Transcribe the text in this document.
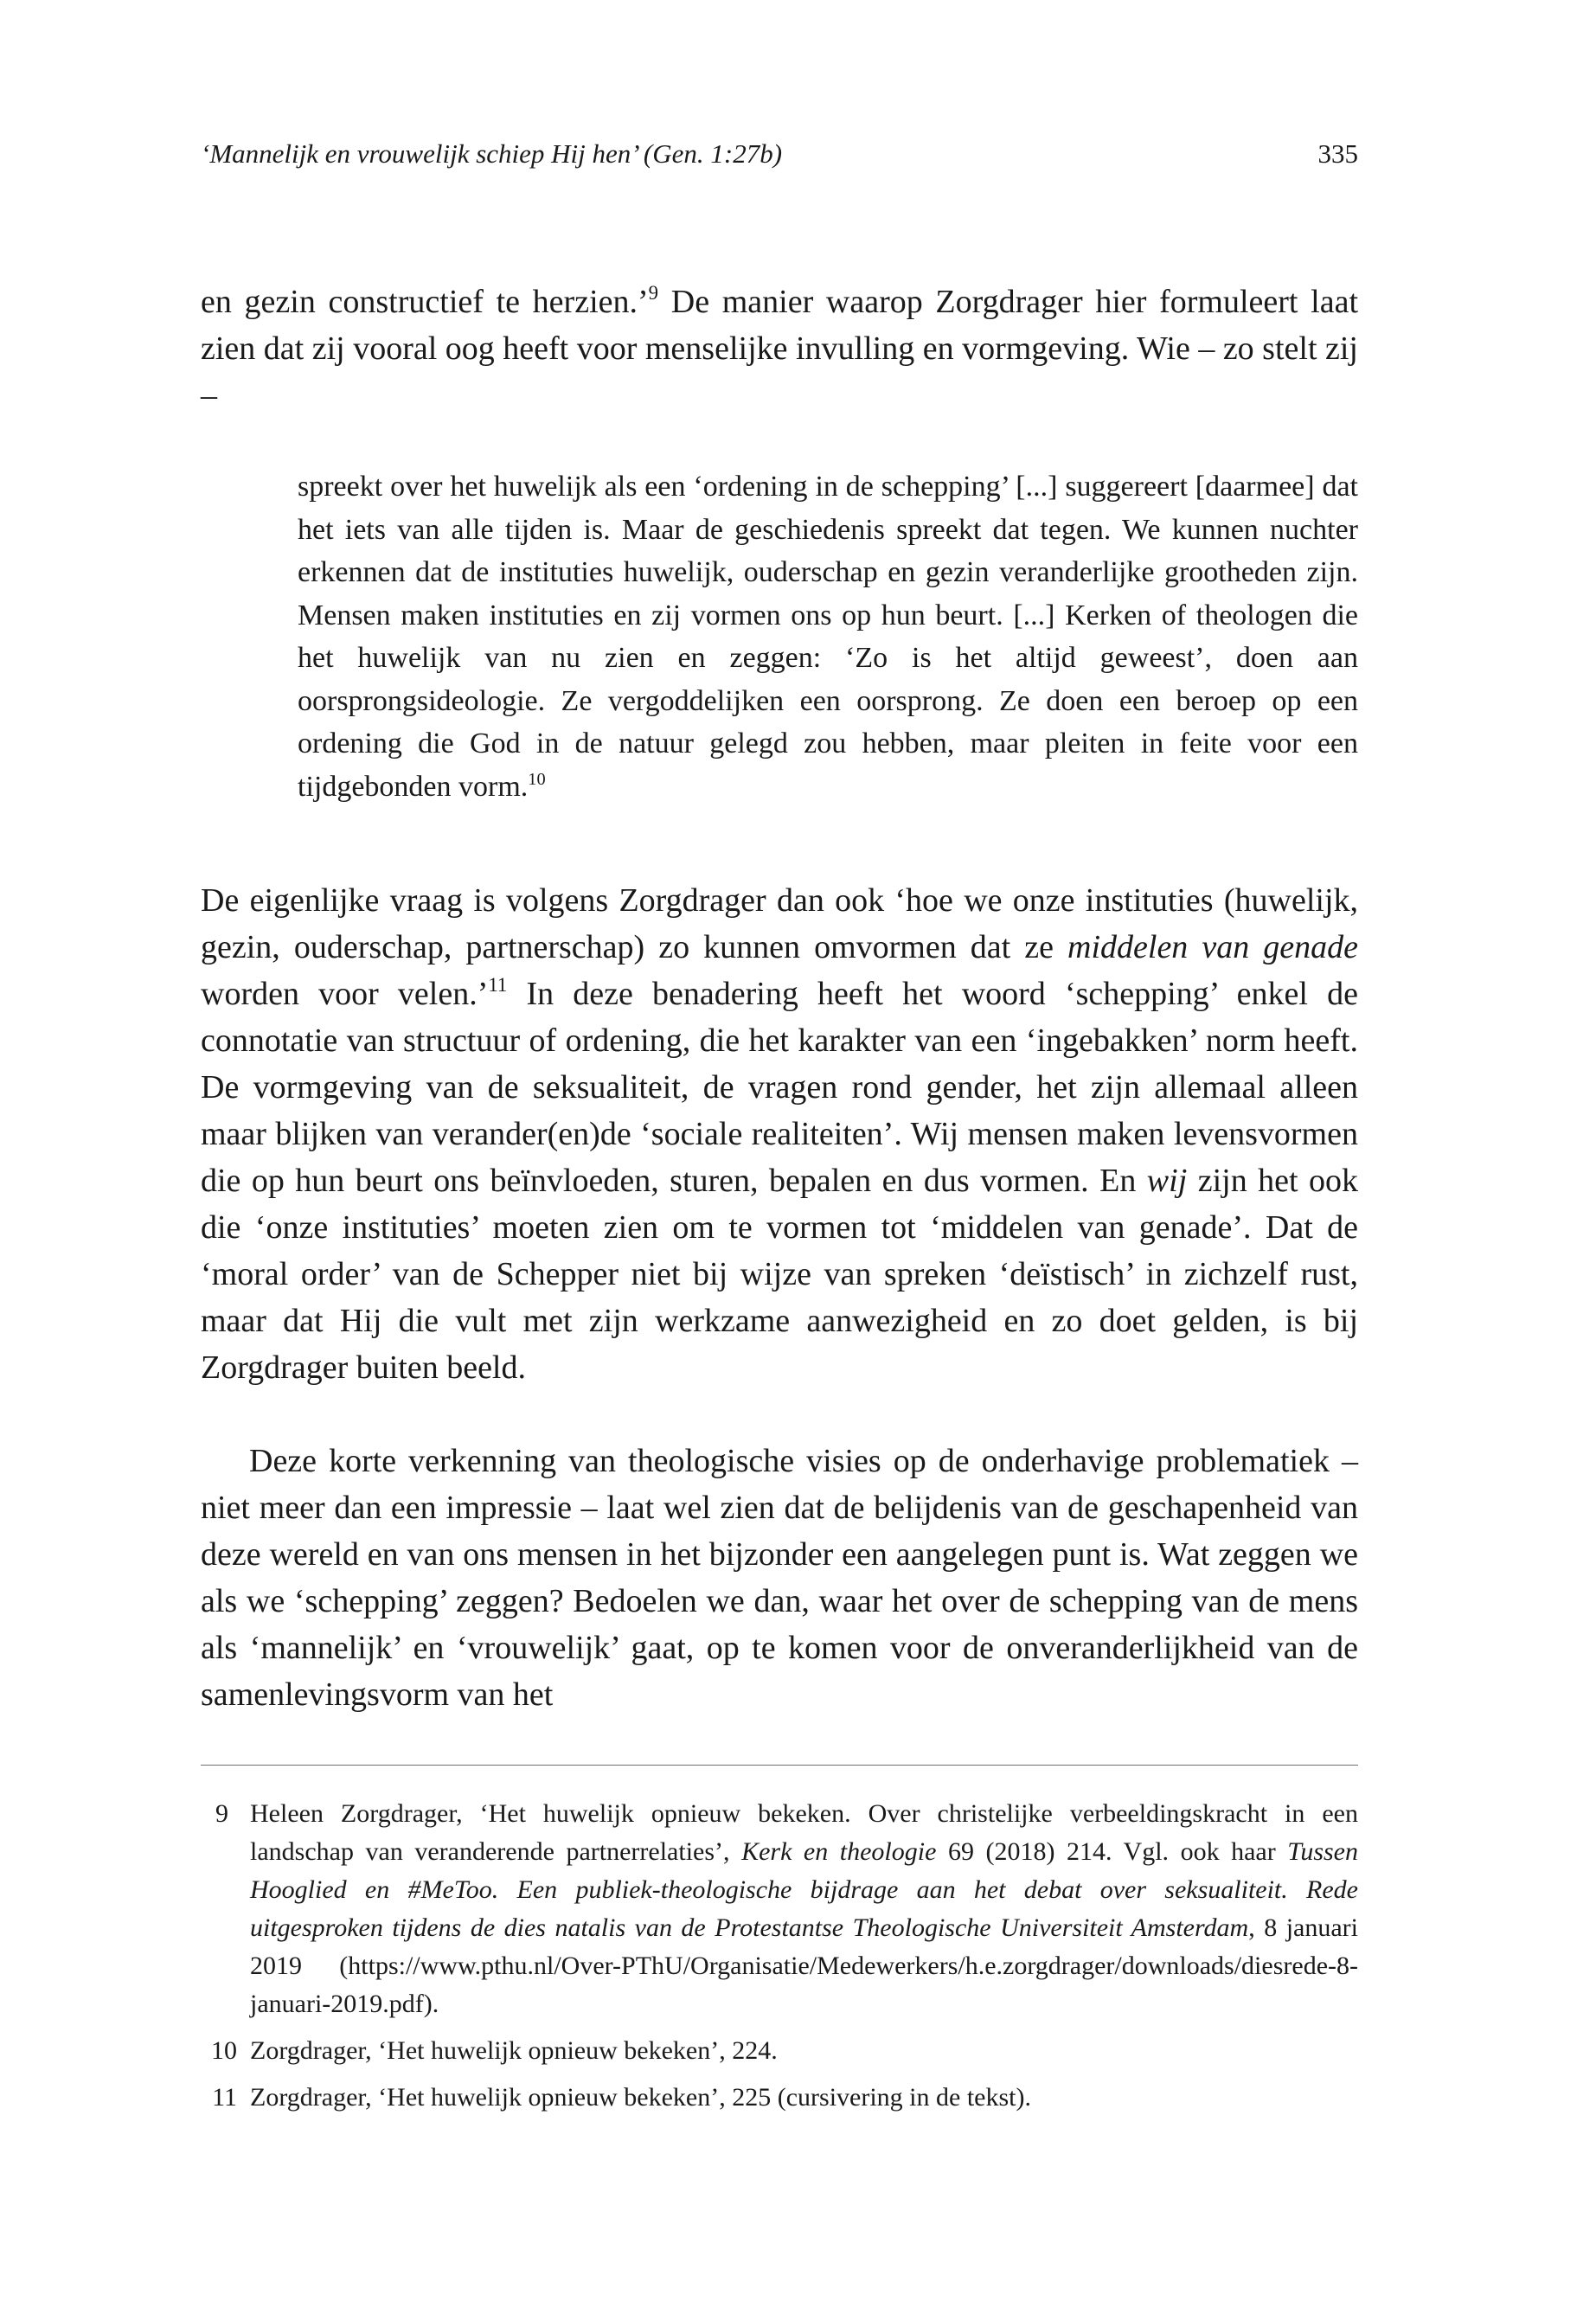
‘Mannelijk en vrouwelijk schiep Hij hen’ (Gen. 1:27b)	335

en gezin constructief te herzien.’$^9$ De manier waarop Zorgdrager hier formuleert laat zien dat zij vooral oog heeft voor menselijke invulling en vormgeving. Wie – zo stelt zij –

spreekt over het huwelijk als een ‘ordening in de schepping’ [...] suggereert [daarmee] dat het iets van alle tijden is. Maar de geschiedenis spreekt dat tegen. We kunnen nuchter erkennen dat de instituties huwelijk, ouderschap en gezin veranderlijke grootheden zijn. Mensen maken instituties en zij vormen ons op hun beurt. [...] Kerken of theologen die het huwelijk van nu zien en zeggen: ‘Zo is het altijd geweest’, doen aan oorsprongsideologie. Ze vergoddelijken een oorsprong. Ze doen een beroep op een ordening die God in de natuur gelegd zou hebben, maar pleiten in feite voor een tijdgebonden vorm.$^{10}$

De eigenlijke vraag is volgens Zorgdrager dan ook ‘hoe we onze instituties (huwelijk, gezin, ouderschap, partnerschap) zo kunnen omvormen dat ze middelen van genade worden voor velen.’$^{11}$ In deze benadering heeft het woord ‘schepping’ enkel de connotatie van structuur of ordening, die het karakter van een ‘ingebakken’ norm heeft. De vormgeving van de seksualiteit, de vragen rond gender, het zijn allemaal alleen maar blijken van verander(en)de ‘sociale realiteiten’. Wij mensen maken levensvormen die op hun beurt ons beïnvloeden, sturen, bepalen en dus vormen. En wij zijn het ook die ‘onze instituties’ moeten zien om te vormen tot ‘middelen van genade’. Dat de ‘moral order’ van de Schepper niet bij wijze van spreken ‘deïstisch’ in zichzelf rust, maar dat Hij die vult met zijn werkzame aanwezigheid en zo doet gelden, is bij Zorgdrager buiten beeld.

Deze korte verkenning van theologische visies op de onderhavige problematiek – niet meer dan een impressie – laat wel zien dat de belijdenis van de geschapenheid van deze wereld en van ons mensen in het bijzonder een aangelegen punt is. Wat zeggen we als we ‘schepping’ zeggen? Bedoelen we dan, waar het over de schepping van de mens als ‘mannelijk’ en ‘vrouwelijk’ gaat, op te komen voor de onveranderlijkheid van de samenlevingsvorm van het

9 Heleen Zorgdrager, ‘Het huwelijk opnieuw bekeken. Over christelijke verbeeldingskracht in een landschap van veranderende partnerrelaties’, Kerk en theologie 69 (2018) 214. Vgl. ook haar Tussen Hooglied en #MeToo. Een publiek-theologische bijdrage aan het debat over seksualiteit. Rede uitgesproken tijdens de dies natalis van de Protestantse Theologische Universiteit Amsterdam, 8 januari 2019 (https://www.pthu.nl/Over-PThU/Organisatie/Medewerkers/h.e.zorgdrager/downloads/diesrede-8-januari-2019.pdf).
10 Zorgdrager, ‘Het huwelijk opnieuw bekeken’, 224.
11 Zorgdrager, ‘Het huwelijk opnieuw bekeken’, 225 (cursivering in de tekst).
